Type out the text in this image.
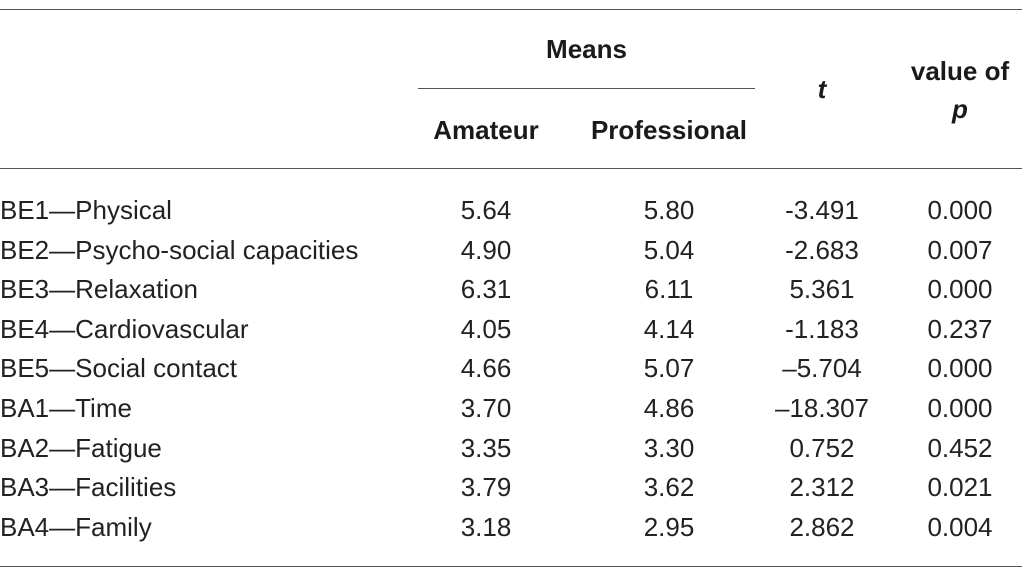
Means
Amateur	Professional
t
value of
p
BE1—Physical	5.64	5.80	-3.491	0.000
BE2—Psycho-social capacities	4.90	5.04	-2.683	0.007
BE3—Relaxation	6.31	6.11	5.361	0.000
BE4—Cardiovascular	4.05	4.14	-1.183	0.237
BE5—Social contact	4.66	5.07	–5.704	0.000
BA1—Time	3.70	4.86	–18.307	0.000
BA2—Fatigue	3.35	3.30	0.752	0.452
BA3—Facilities	3.79	3.62	2.312	0.021
BA4—Family	3.18	2.95	2.862	0.004
